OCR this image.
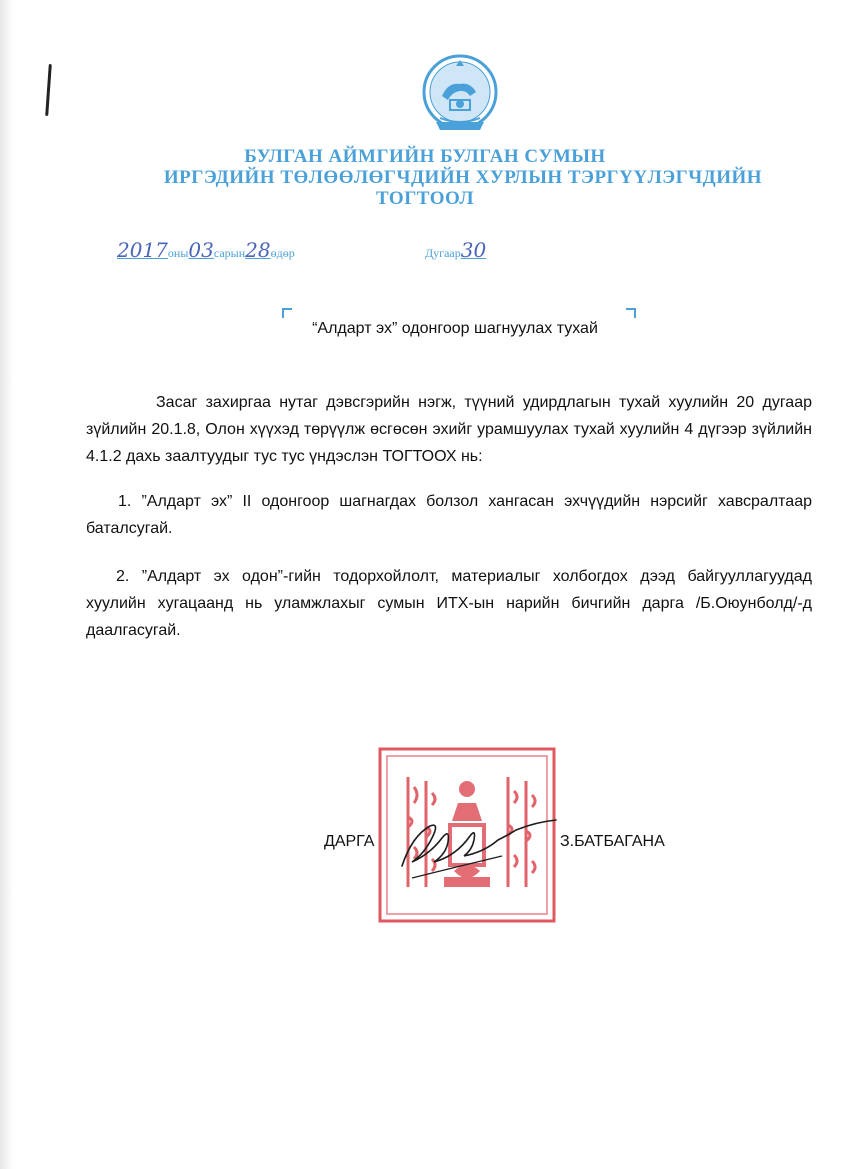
БУЛГАН АЙМГИЙН БУЛГАН СУМЫН
ИРГЭДИЙН ТӨЛӨӨЛӨГЧДИЙН ХУРЛЫН ТЭРГҮҮЛЭГЧДИЙН
ТОГТООЛ
2017оны03сарын28өдөр	Дугаар30
“Алдарт эх” одонгоор шагнуулах тухай

Засаг захиргаа нутаг дэвсгэрийн нэгж, түүний удирдлагын тухай хуулийн 20 дугаар зүйлийн 20.1.8, Олон хүүхэд төрүүлж өсгөсөн эхийг урамшуулах тухай хуулийн 4 дүгээр зүйлийн 4.1.2 дахь заалтуудыг тус тус үндэслэн ТОГТООХ нь:

1. ”Алдарт эх” II одонгоор шагнагдах болзол хангасан эхчүүдийн нэрсийг хавсралтаар баталсугай.

2. ”Алдарт эх одон”-гийн тодорхойлолт, материалыг холбогдох дээд байгууллагуудад хуулийн хугацаанд нь уламжлахыг сумын ИТХ-ын нарийн бичгийн дарга /Б.Оюунболд/-д даалгасугай.

ДАРГА	З.БАТБАГАНА
